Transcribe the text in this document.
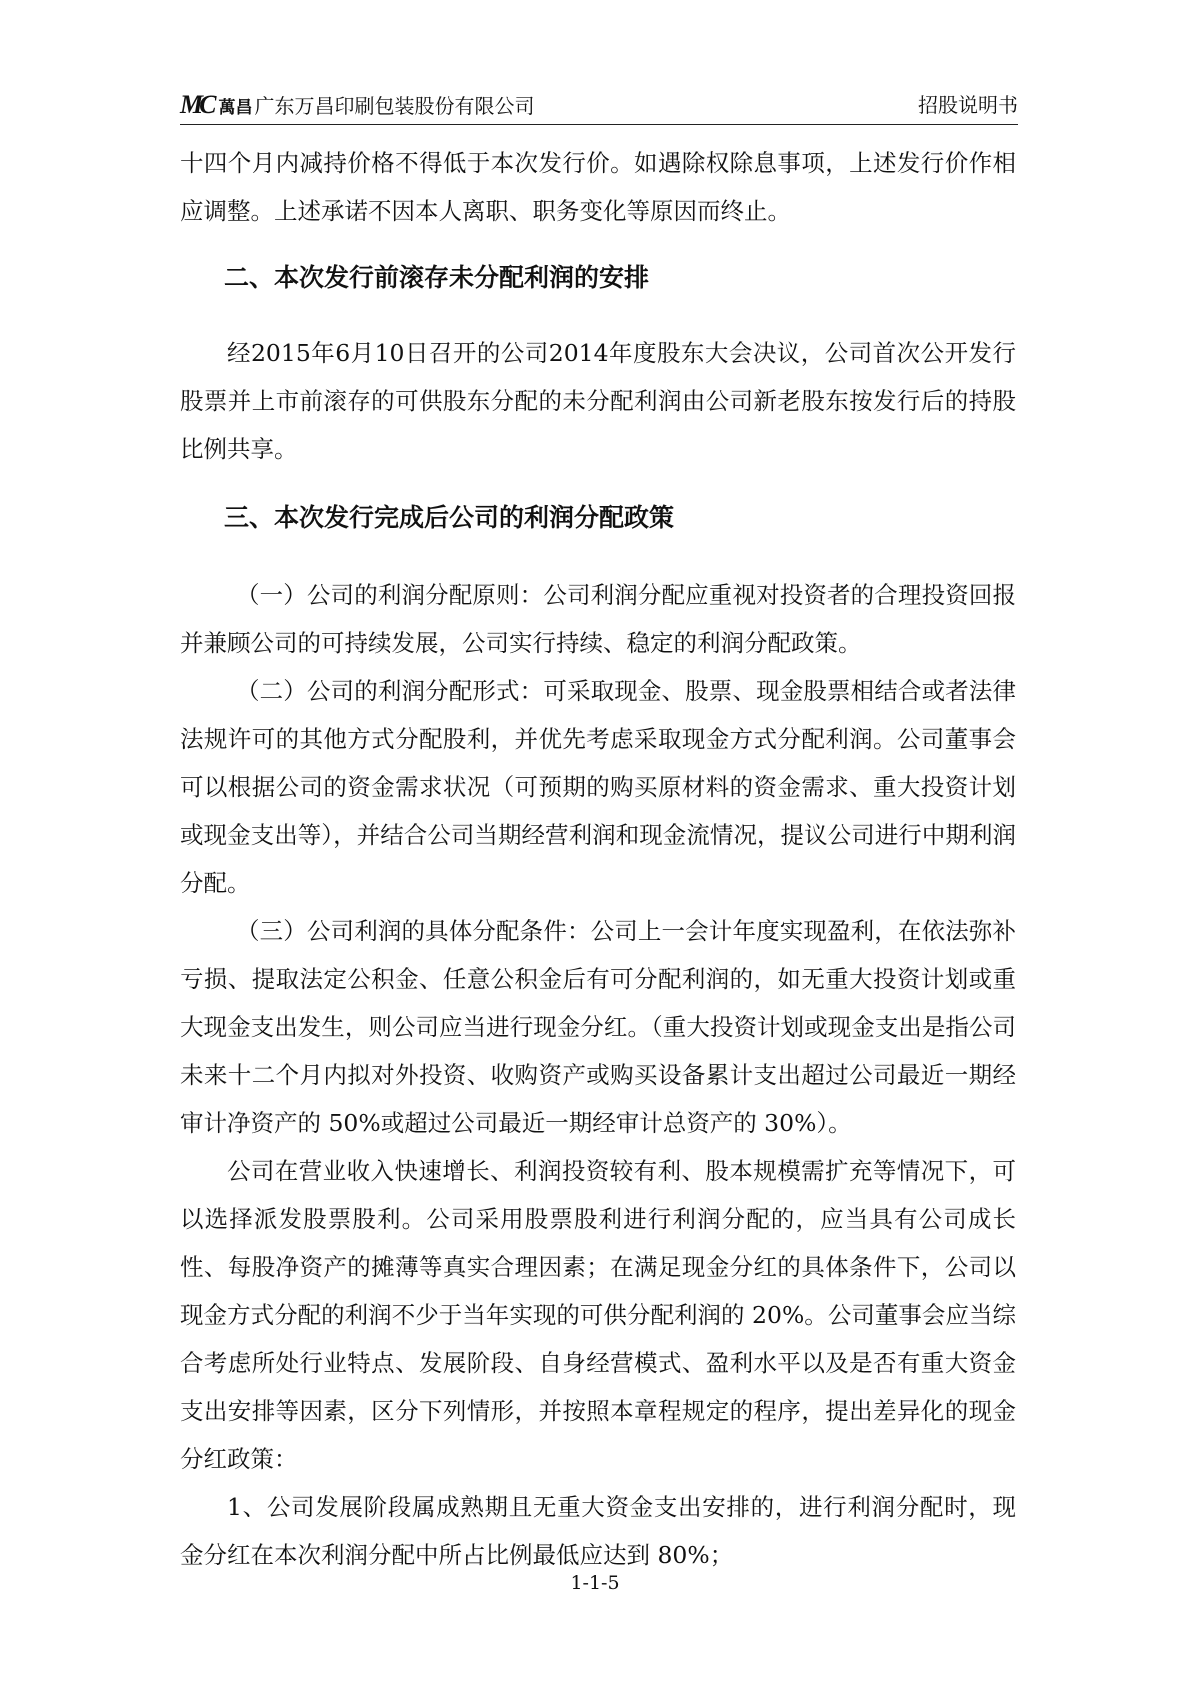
MC 萬昌 广东万昌印刷包装股份有限公司	招股说明书

十四个月内减持价格不得低于本次发行价。如遇除权除息事项，上述发行价作相应调整。上述承诺不因本人离职、职务变化等原因而终止。

二、本次发行前滚存未分配利润的安排

经2015年6月10日召开的公司2014年度股东大会决议，公司首次公开发行股票并上市前滚存的可供股东分配的未分配利润由公司新老股东按发行后的持股比例共享。

三、本次发行完成后公司的利润分配政策

（一）公司的利润分配原则：公司利润分配应重视对投资者的合理投资回报并兼顾公司的可持续发展，公司实行持续、稳定的利润分配政策。

（二）公司的利润分配形式：可采取现金、股票、现金股票相结合或者法律法规许可的其他方式分配股利，并优先考虑采取现金方式分配利润。公司董事会可以根据公司的资金需求状况（可预期的购买原材料的资金需求、重大投资计划或现金支出等），并结合公司当期经营利润和现金流情况，提议公司进行中期利润分配。

（三）公司利润的具体分配条件：公司上一会计年度实现盈利，在依法弥补亏损、提取法定公积金、任意公积金后有可分配利润的，如无重大投资计划或重大现金支出发生，则公司应当进行现金分红。（重大投资计划或现金支出是指公司未来十二个月内拟对外投资、收购资产或购买设备累计支出超过公司最近一期经审计净资产的 50%或超过公司最近一期经审计总资产的 30%）。

公司在营业收入快速增长、利润投资较有利、股本规模需扩充等情况下，可以选择派发股票股利。公司采用股票股利进行利润分配的，应当具有公司成长性、每股净资产的摊薄等真实合理因素；在满足现金分红的具体条件下，公司以现金方式分配的利润不少于当年实现的可供分配利润的 20%。公司董事会应当综合考虑所处行业特点、发展阶段、自身经营模式、盈利水平以及是否有重大资金支出安排等因素，区分下列情形，并按照本章程规定的程序，提出差异化的现金分红政策：

1、公司发展阶段属成熟期且无重大资金支出安排的，进行利润分配时，现金分红在本次利润分配中所占比例最低应达到 80%；

1-1-5
